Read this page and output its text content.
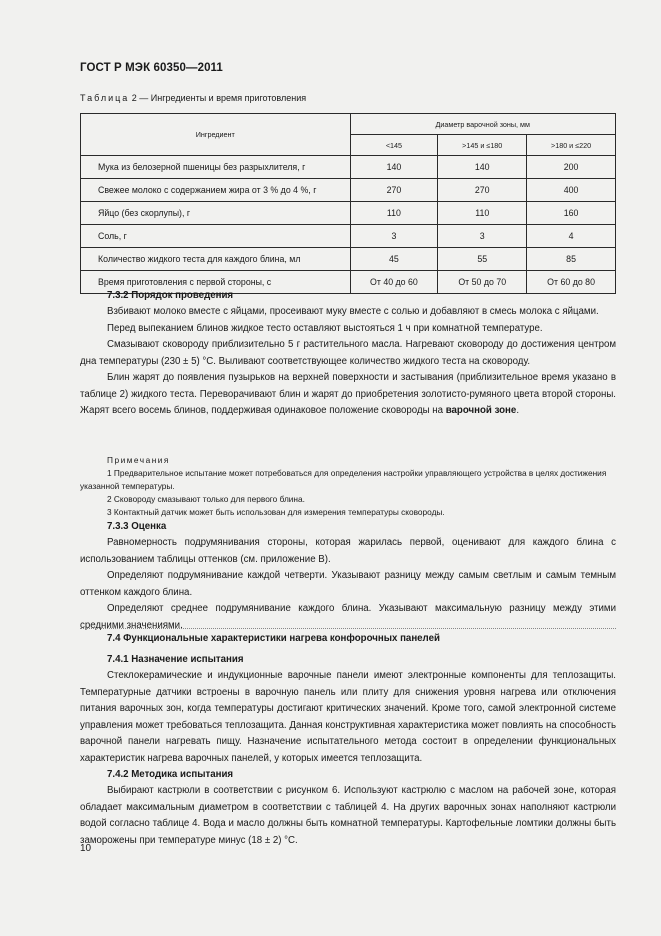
ГОСТ Р МЭК 60350—2011
Таблица 2 — Ингредиенты и время приготовления
Ингредиент	Диаметр варочной зоны, мм		
	<145	>145 и ≤180	>180 и ≤220
Мука из белозерной пшеницы без разрыхлителя, г	140	140	200
Свежее молоко с содержанием жира от 3 % до 4 %, г	270	270	400
Яйцо (без скорлупы), г	110	110	160
Соль, г	3	3	4
Количество жидкого теста для каждого блина, мл	45	55	85
Время приготовления с первой стороны, с	От 40 до 60	От 50 до 70	От 60 до 80
7.3.2 Порядок проведения

Взбивают молоко вместе с яйцами, просеивают муку вместе с солью и добавляют в смесь молока с яйцами.

Перед выпеканием блинов жидкое тесто оставляют выстояться 1 ч при комнатной температуре.

Смазывают сковороду приблизительно 5 г растительного масла. Нагревают сковороду до достижения центром дна температуры (230 ± 5) °С. Выливают соответствующее количество жидкого теста на сковороду.

Блин жарят до появления пузырьков на верхней поверхности и застывания (приблизительное время указано в таблице 2) жидкого теста. Переворачивают блин и жарят до приобретения золотисто-румяного цвета второй стороны. Жарят всего восемь блинов, поддерживая одинаковое положение сковороды на варочной зоне.

Примечания

1 Предварительное испытание может потребоваться для определения настройки управляющего устройства в целях достижения указанной температуры.

2 Сковороду смазывают только для первого блина.

3 Контактный датчик может быть использован для измерения температуры сковороды.

7.3.3 Оценка

Равномерность подрумянивания стороны, которая жарилась первой, оценивают для каждого блина с использованием таблицы оттенков (см. приложение В).

Определяют подрумянивание каждой четверти. Указывают разницу между самым светлым и самым темным оттенком каждого блина.

Определяют среднее подрумянивание каждого блина. Указывают максимальную разницу между этими средними значениями.

7.4 Функциональные характеристики нагрева конфорочных панелей
7.4.1 Назначение испытания

Стеклокерамические и индукционные варочные панели имеют электронные компоненты для теплозащиты. Температурные датчики встроены в варочную панель или плиту для снижения уровня нагрева или отключения питания варочных зон, когда температуры достигают критических значений. Кроме того, самой электронной системе управления может требоваться теплозащита. Данная конструктивная характеристика может повлиять на способность варочной панели нагревать пищу. Назначение испытательного метода состоит в определении функциональных характеристик нагрева варочных панелей, у которых имеется теплозащита.

7.4.2 Методика испытания

Выбирают кастрюли в соответствии с рисунком 6. Используют кастрюлю с маслом на рабочей зоне, которая обладает максимальным диаметром в соответствии с таблицей 4. На других варочных зонах наполняют кастрюли водой согласно таблице 4. Вода и масло должны быть комнатной температуры. Картофельные ломтики должны быть заморожены при температуре минус (18 ± 2) °С.

10
